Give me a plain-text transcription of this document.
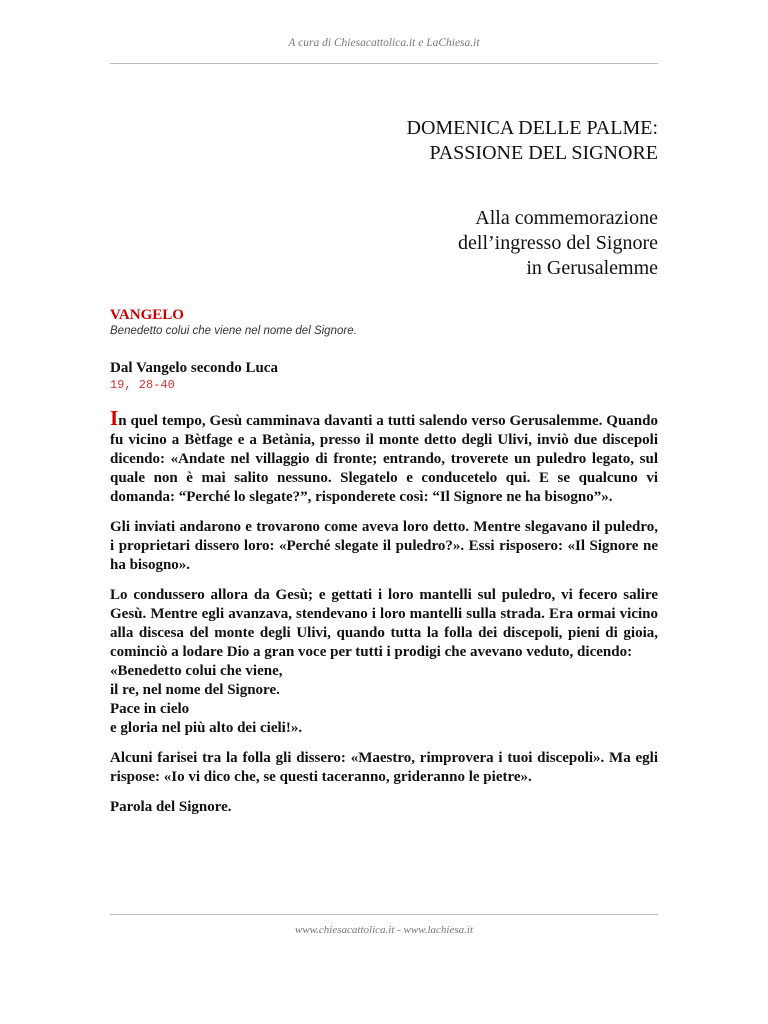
A cura di Chiesacattolica.it e LaChiesa.it
DOMENICA DELLE PALME:
PASSIONE DEL SIGNORE
Alla commemorazione
dell’ingresso del Signore
in Gerusalemme
VANGELO
Benedetto colui che viene nel nome del Signore.
Dal Vangelo secondo Luca
19, 28-40

In quel tempo, Gesù camminava davanti a tutti salendo verso Gerusalemme. Quando fu vicino a Bètfage e a Betània, presso il monte detto degli Ulivi, inviò due discepoli dicendo: «Andate nel villaggio di fronte; entrando, troverete un puledro legato, sul quale non è mai salito nessuno. Slegatelo e conducetelo qui. E se qualcuno vi domanda: “Perché lo slegate?”, risponderete così: “Il Signore ne ha bisogno”».

Gli inviati andarono e trovarono come aveva loro detto. Mentre slegavano il puledro, i proprietari dissero loro: «Perché slegate il puledro?». Essi risposero: «Il Signore ne ha bisogno».

Lo condussero allora da Gesù; e gettati i loro mantelli sul puledro, vi fecero salire Gesù. Mentre egli avanzava, stendevano i loro mantelli sulla strada. Era ormai vicino alla discesa del monte degli Ulivi, quando tutta la folla dei discepoli, pieni di gioia, cominciò a lodare Dio a gran voce per tutti i prodigi che avevano veduto, dicendo:
«Benedetto colui che viene,
il re, nel nome del Signore.
Pace in cielo
e gloria nel più alto dei cieli!».

Alcuni farisei tra la folla gli dissero: «Maestro, rimprovera i tuoi discepoli». Ma egli rispose: «Io vi dico che, se questi taceranno, grideranno le pietre».

Parola del Signore.

www.chiesacattolica.it - www.lachiesa.it
